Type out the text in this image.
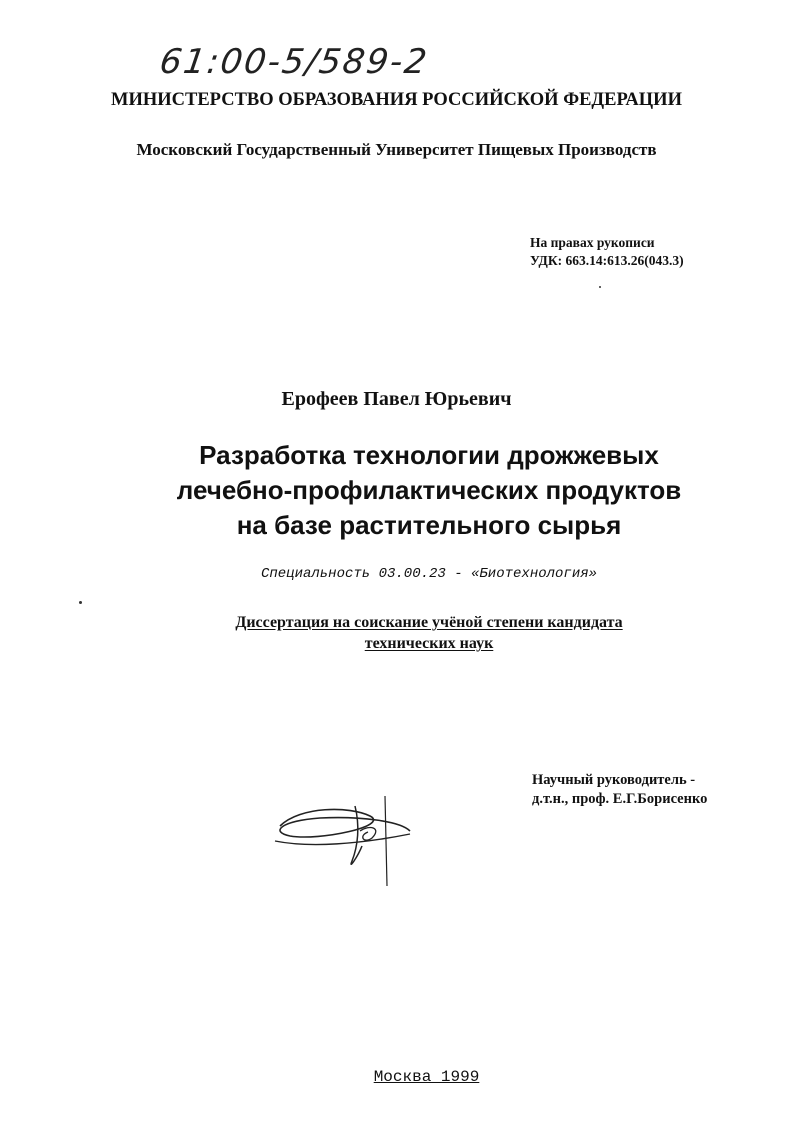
61:00-5/589-2
МИНИСТЕРСТВО ОБРАЗОВАНИЯ РОССИЙСКОЙ ФЕДЕРАЦИИ
Московский Государственный Университет Пищевых Производств
На правах рукописи
УДК: 663.14:613.26(043.3)
Ерофеев Павел Юрьевич
Разработка технологии дрожжевых
лечебно-профилактических продуктов
на базе растительного сырья
Специальность 03.00.23 - «Биотехнология»
Диссертация на соискание учёной степени кандидата
технических наук
Научный руководитель -
д.т.н., проф. Е.Г.Борисенко
Москва 1999
